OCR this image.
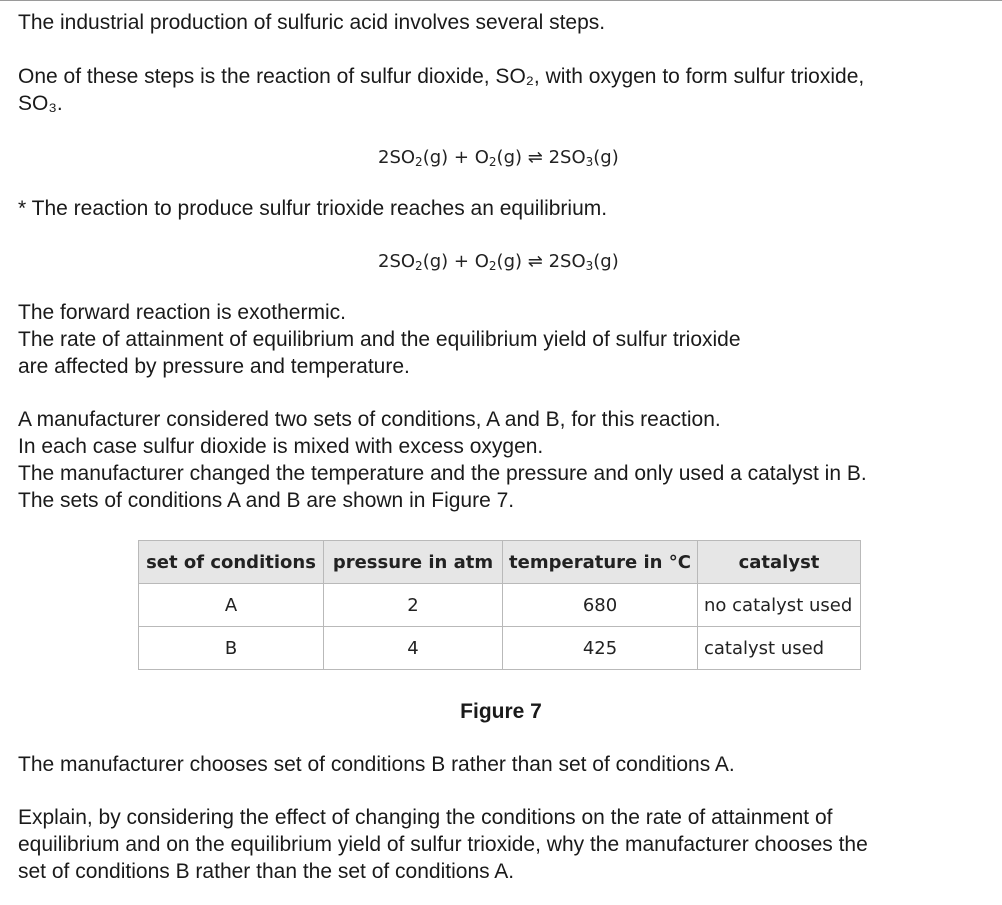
The industrial production of sulfuric acid involves several steps.

One of these steps is the reaction of sulfur dioxide, SO₂, with oxygen to form sulfur trioxide,

SO₃.

$2SO_2(g) + O_2(g)$ ⇌ $2SO_3(g)$

* The reaction to produce sulfur trioxide reaches an equilibrium.

$2SO_2(g) + O_2(g)$ ⇌ $2SO_3(g)$

The forward reaction is exothermic.

The rate of attainment of equilibrium and the equilibrium yield of sulfur trioxide

are affected by pressure and temperature.

A manufacturer considered two sets of conditions, A and B, for this reaction.

In each case sulfur dioxide is mixed with excess oxygen.

The manufacturer changed the temperature and the pressure and only used a catalyst in B.

The sets of conditions A and B are shown in Figure 7.

set of conditions	pressure in atm	temperature in °C	catalyst
A	2	680	no catalyst used
B	4	425	catalyst used
Figure 7

The manufacturer chooses set of conditions B rather than set of conditions A.

Explain, by considering the effect of changing the conditions on the rate of attainment of

equilibrium and on the equilibrium yield of sulfur trioxide, why the manufacturer chooses the

set of conditions B rather than the set of conditions A.
